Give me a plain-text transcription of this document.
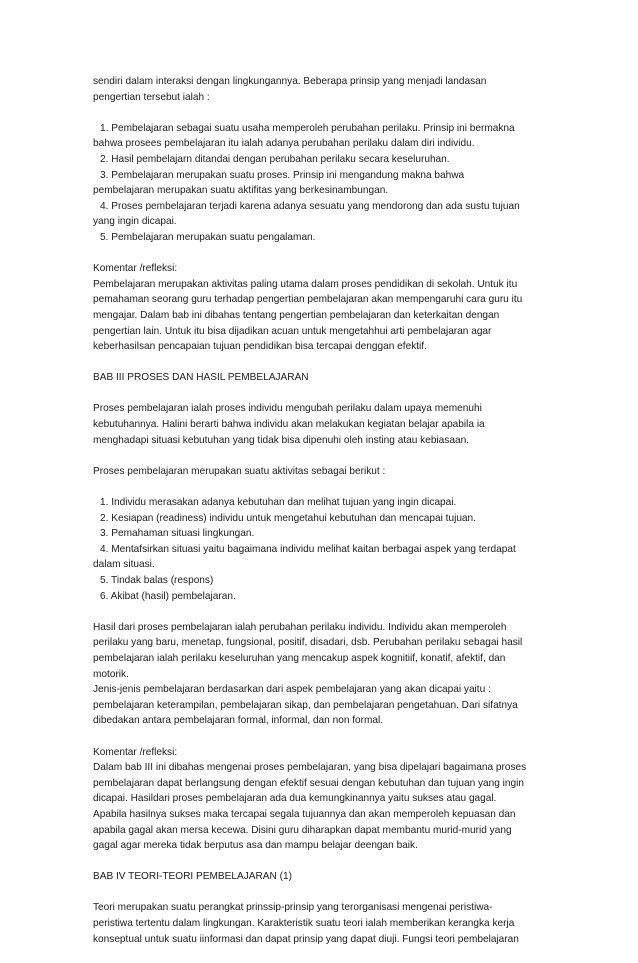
sendiri dalam interaksi dengan lingkungannya. Beberapa prinsip yang menjadi landasan
pengertian tersebut ialah :
1. Pembelajaran sebagai suatu usaha memperoleh perubahan perilaku. Prinsip ini bermakna
bahwa prosees pembelajaran itu ialah adanya perubahan perilaku dalam diri individu.
2. Hasil pembelajarn ditandai dengan perubahan perilaku secara keseluruhan.
3. Pembelajaran merupakan suatu proses. Prinsip ini mengandung makna bahwa
pembelajaran merupakan suatu aktifitas yang berkesinambungan.
4. Proses pembelajaran terjadi karena adanya sesuatu yang mendorong dan ada sustu tujuan
yang ingin dicapai.
5. Pembelajaran merupakan suatu pengalaman.
Komentar /refleksi:
Pembelajaran merupakan aktivitas paling utama dalam proses pendidikan di sekolah. Untuk itu
pemahaman seorang guru terhadap pengertian pembelajaran akan mempengaruhi cara guru itu
mengajar. Dalam bab ini dibahas tentang pengertian pembelajaran dan keterkaitan dengan
pengertian lain. Untuk itu bisa dijadikan acuan untuk mengetahhui arti pembelajaran agar
keberhasilsan pencapaian tujuan pendidikan bisa tercapai denggan efektif.
BAB III PROSES DAN HASIL PEMBELAJARAN
Proses pembelajaran ialah proses individu mengubah perilaku dalam upaya memenuhi
kebutuhannya. Halini berarti bahwa individu akan melakukan kegiatan belajar apabila ia
menghadapi situasi kebutuhan yang tidak bisa dipenuhi oleh insting atau kebiasaan.
Proses pembelajaran merupakan suatu aktivitas sebagai berikut :
1. Individu merasakan adanya kebutuhan dan melihat tujuan yang ingin dicapai.
2. Kesiapan (readiness) individu untuk mengetahui kebutuhan dan mencapai tujuan.
3. Pemahaman situasi lingkungan.
4. Mentafsirkan situasi yaitu bagaimana individu melihat kaitan berbagai aspek yang terdapat
dalam situasi.
5. Tindak balas (respons)
6. Akibat (hasil) pembelajaran.
Hasil dari proses pembelajaran ialah perubahan perilaku individu. Individu akan memperoleh
perilaku yang baru, menetap, fungsional, positif, disadari, dsb. Perubahan perilaku sebagai hasil
pembelajaran ialah perilaku keseluruhan yang mencakup aspek kognitiif, konatif, afektif, dan
motorik.
Jenis-jenis pembelajaran berdasarkan dari aspek pembelajaran yang akan dicapai yaitu :
pembelajaran keterampilan, pembelajaran sikap, dan pembelajaran pengetahuan. Dari sifatnya
dibedakan antara pembelajaran formal, informal, dan non formal.
Komentar /refleksi:
Dalam bab III ini dibahas mengenai proses pembelajaran, yang bisa dipelajari bagaimana proses
pembelajaran dapat berlangsung dengan efektif sesuai dengan kebutuhan dan tujuan yang ingin
dicapai. Hasildari proses pembelajaran ada dua kemungkinannya yaitu sukses atau gagal.
Apabila hasilnya sukses maka tercapai segala tujuannya dan akan memperoleh kepuasan dan
apabila gagal akan mersa kecewa. Disini guru diharapkan dapat membantu murid-murid yang
gagal agar mereka tidak berputus asa dan mampu belajar deengan baik.
BAB IV TEORI-TEORI PEMBELAJARAN (1)
Teori merupakan suatu perangkat prinssip-prinsip yang terorganisasi mengenai peristiwa-
peristiwa tertentu dalam lingkungan. Karakteristik suatu teori ialah memberikan kerangka kerja
konseptual untuk suatu iinformasi dan dapat prinsip yang dapat diuji. Fungsi teori pembelajaran
